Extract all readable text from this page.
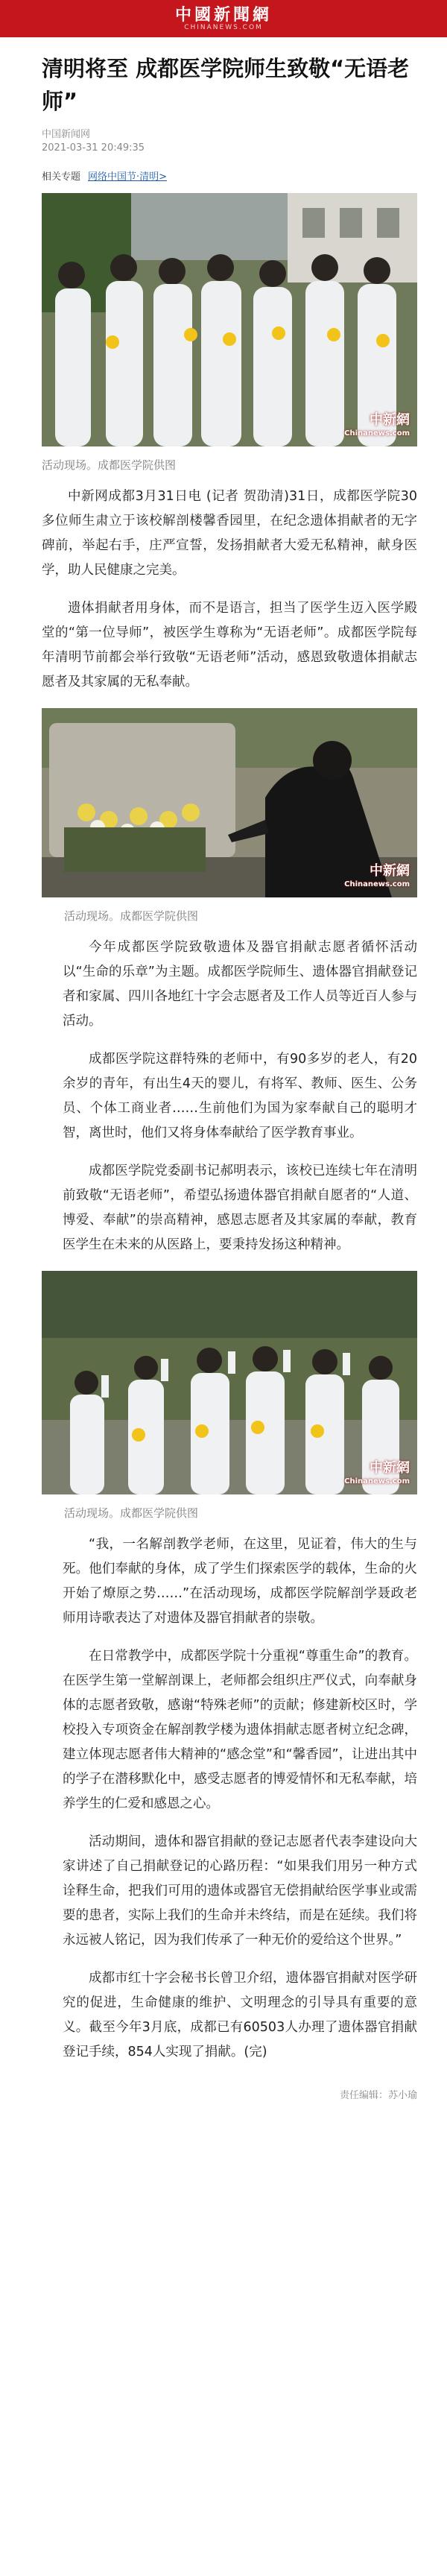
中國新聞網
CHINANEWS.COM
清明将至 成都医学院师生致敬“无语老师”
中国新闻网
2021-03-31 20:49:35
相关专题 网络中国节·清明>
中新網
Chinanews.com
活动现场。成都医学院供图

中新网成都3月31日电 (记者 贺劭清)31日，成都医学院30多位师生肃立于该校解剖楼馨香园里，在纪念遗体捐献者的无字碑前，举起右手，庄严宣誓，发扬捐献者大爱无私精神，献身医学，助人民健康之完美。

遗体捐献者用身体，而不是语言，担当了医学生迈入医学殿堂的“第一位导师”，被医学生尊称为“无语老师”。成都医学院每年清明节前都会举行致敬“无语老师”活动，感恩致敬遗体捐献志愿者及其家属的无私奉献。

中新網
Chinanews.com
活动现场。成都医学院供图

今年成都医学院致敬遗体及器官捐献志愿者循怀活动以“生命的乐章”为主题。成都医学院师生、遗体器官捐献登记者和家属、四川各地红十字会志愿者及工作人员等近百人参与活动。

成都医学院这群特殊的老师中，有90多岁的老人，有20余岁的青年，有出生4天的婴儿，有将军、教师、医生、公务员、个体工商业者……生前他们为国为家奉献自己的聪明才智，离世时，他们又将身体奉献给了医学教育事业。

成都医学院党委副书记郝明表示，该校已连续七年在清明前致敬“无语老师”，希望弘扬遗体器官捐献自愿者的“人道、博爱、奉献”的崇高精神，感恩志愿者及其家属的奉献，教育医学生在未来的从医路上，要秉持发扬这种精神。

中新網
Chinanews.com
活动现场。成都医学院供图

“我，一名解剖教学老师，在这里，见证着，伟大的生与死。他们奉献的身体，成了学生们探索医学的载体，生命的火开始了燎原之势……”在活动现场，成都医学院解剖学聂政老师用诗歌表达了对遗体及器官捐献者的崇敬。

在日常教学中，成都医学院十分重视“尊重生命”的教育。在医学生第一堂解剖课上，老师都会组织庄严仪式，向奉献身体的志愿者致敬，感谢“特殊老师”的贡献；修建新校区时，学校投入专项资金在解剖教学楼为遗体捐献志愿者树立纪念碑，建立体现志愿者伟大精神的“感念堂”和“馨香园”，让进出其中的学子在潜移默化中，感受志愿者的博爱情怀和无私奉献，培养学生的仁爱和感恩之心。

活动期间，遗体和器官捐献的登记志愿者代表李建设向大家讲述了自己捐献登记的心路历程：“如果我们用另一种方式诠释生命，把我们可用的遗体或器官无偿捐献给医学事业或需要的患者，实际上我们的生命并未终结，而是在延续。我们将永远被人铭记，因为我们传承了一种无价的爱给这个世界。”

成都市红十字会秘书长曾卫介绍，遗体器官捐献对医学研究的促进，生命健康的维护、文明理念的引导具有重要的意义。截至今年3月底，成都已有60503人办理了遗体器官捐献登记手续，854人实现了捐献。(完)

责任编辑：苏小瑜
